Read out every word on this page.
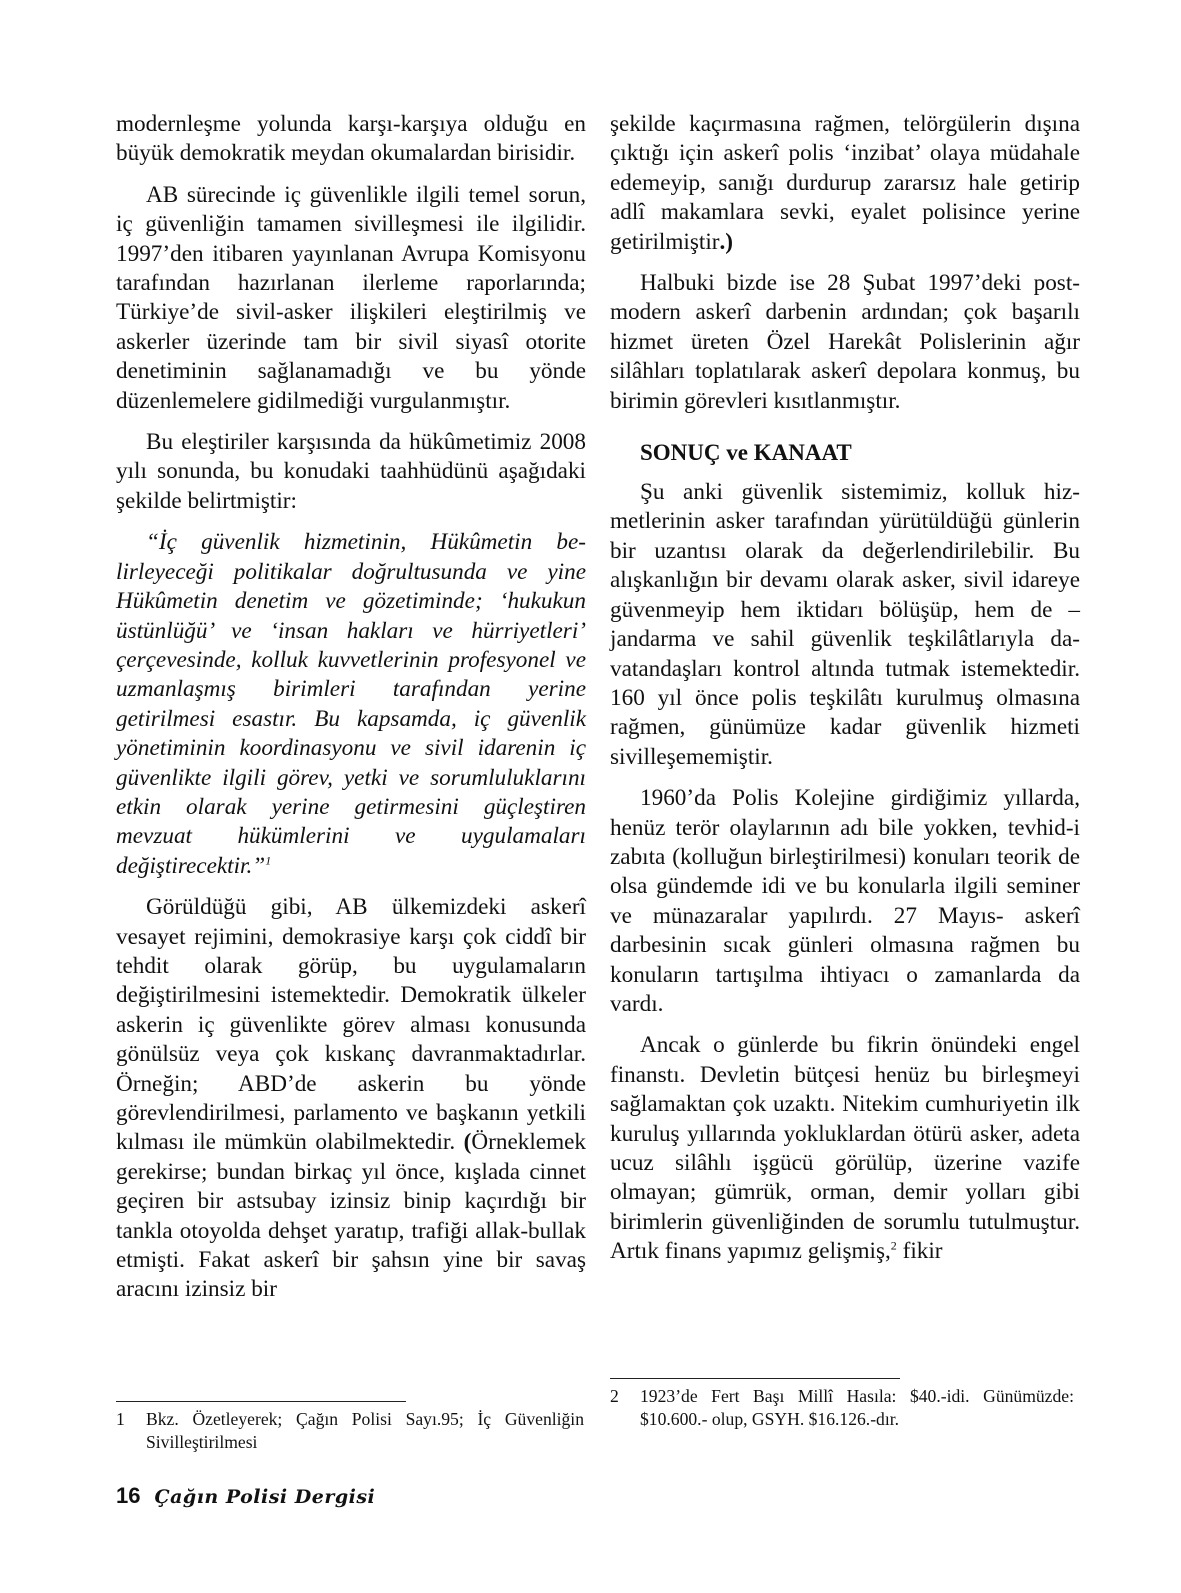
modernleşme yolunda karşı-karşıya olduğu en büyük demokratik meydan okumalardan birisidir.

AB sürecinde iç güvenlikle ilgili temel sorun, iç güvenliğin tamamen sivilleşmesi ile ilgilidir. 1997’den itibaren yayınlanan Avrupa Komisyonu tarafından hazırlanan ilerleme raporlarında; Türkiye’de sivil-asker ilişkileri eleştirilmiş ve askerler üzerinde tam bir sivil siyasî otorite denetiminin sağlanamadığı ve bu yönde düzenlemelere gidilmediği vurgulanmıştır.

Bu eleştiriler karşısında da hükûmetimiz 2008 yılı sonunda, bu konudaki taahhüdünü aşağıdaki şekilde belirtmiştir:

“İç güvenlik hizmetinin, Hükûmetin belirleyeceği politikalar doğrultusunda ve yine Hükûmetin denetim ve gözetiminde; ‘hukukun üstünlüğü’ ve ‘insan hakları ve hürriyetleri’ çerçevesinde, kolluk kuvvetlerinin profesyonel ve uzmanlaşmış birimleri tarafından yerine getirilmesi esastır. Bu kapsamda, iç güvenlik yönetiminin koordinasyonu ve sivil idarenin iç güvenlikte ilgili görev, yetki ve sorumluluklarını etkin olarak yerine getirmesini güçleştiren mevzuat hükümlerini ve uygulamaları değiştirecektir.”$^1$

Görüldüğü gibi, AB ülkemizdeki askerî vesayet rejimini, demokrasiye karşı çok ciddî bir tehdit olarak görüp, bu uygulamaların değiştirilmesini istemektedir. Demokratik ülkeler askerin iç güvenlikte görev alması konusunda gönülsüz veya çok kıskanç davranmaktadırlar. Örneğin; ABD’de askerin bu yönde görevlendirilmesi, parlamento ve başkanın yetkili kılması ile mümkün olabilmektedir. (Örneklemek gerekirse; bundan birkaç yıl önce, kışlada cinnet geçiren bir astsubay izinsiz binip kaçırdığı bir tankla otoyolda dehşet yaratıp, trafiği allak-bullak etmişti. Fakat askerî bir şahsın yine bir savaş aracını izinsiz bir

şekilde kaçırmasına rağmen, telörgülerin dışına çıktığı için askerî polis ‘inzibat’ olaya müdahale edemeyip, sanığı durdurup zararsız hale getirip adlî makamlara sevki, eyalet polisince yerine getirilmiştir.)

Halbuki bizde ise 28 Şubat 1997’deki post-modern askerî darbenin ardından; çok başarılı hizmet üreten Özel Harekât Polislerinin ağır silâhları toplatılarak askerî depolara konmuş, bu birimin görevleri kısıtlanmıştır.

SONUÇ ve KANAAT

Şu anki güvenlik sistemimiz, kolluk hizmetlerinin asker tarafından yürütüldüğü günlerin bir uzantısı olarak da değerlendirilebilir. Bu alışkanlığın bir devamı olarak asker, sivil idareye güvenmeyip hem iktidarı bölüşüp, hem de –jandarma ve sahil güvenlik teşkilâtlarıyla da- vatandaşları kontrol altında tutmak istemektedir. 160 yıl önce polis teşkilâtı kurulmuş olmasına rağmen, günümüze kadar güvenlik hizmeti sivilleşememiştir.

1960’da Polis Kolejine girdiğimiz yıllarda, henüz terör olaylarının adı bile yokken, tevhid-i zabıta (kolluğun birleştirilmesi) konuları teorik de olsa gündemde idi ve bu konularla ilgili seminer ve münazaralar yapılırdı. 27 Mayıs- askerî darbesinin sıcak günleri olmasına rağmen bu konuların tartışılma ihtiyacı o zamanlarda da vardı.

Ancak o günlerde bu fikrin önündeki engel finanstı. Devletin bütçesi henüz bu birleşmeyi sağlamaktan çok uzaktı. Nitekim cumhuriyetin ilk kuruluş yıllarında yokluklardan ötürü asker, adeta ucuz silâhlı işgücü görülüp, üzerine vazife olmayan; gümrük, orman, demir yolları gibi birimlerin güvenliğinden de sorumlu tutulmuştur. Artık finans yapımız gelişmiş,$^2$ fikir

1 Bkz. Özetleyerek; Çağın Polisi Sayı.95; İç Güvenliğin Sivilleştirilmesi
2 1923’de Fert Başı Millî Hasıla: $40.-idi. Günümüzde: $10.600.- olup, GSYH. $16.126.-dır.
16 Çağın Polisi Dergisi
